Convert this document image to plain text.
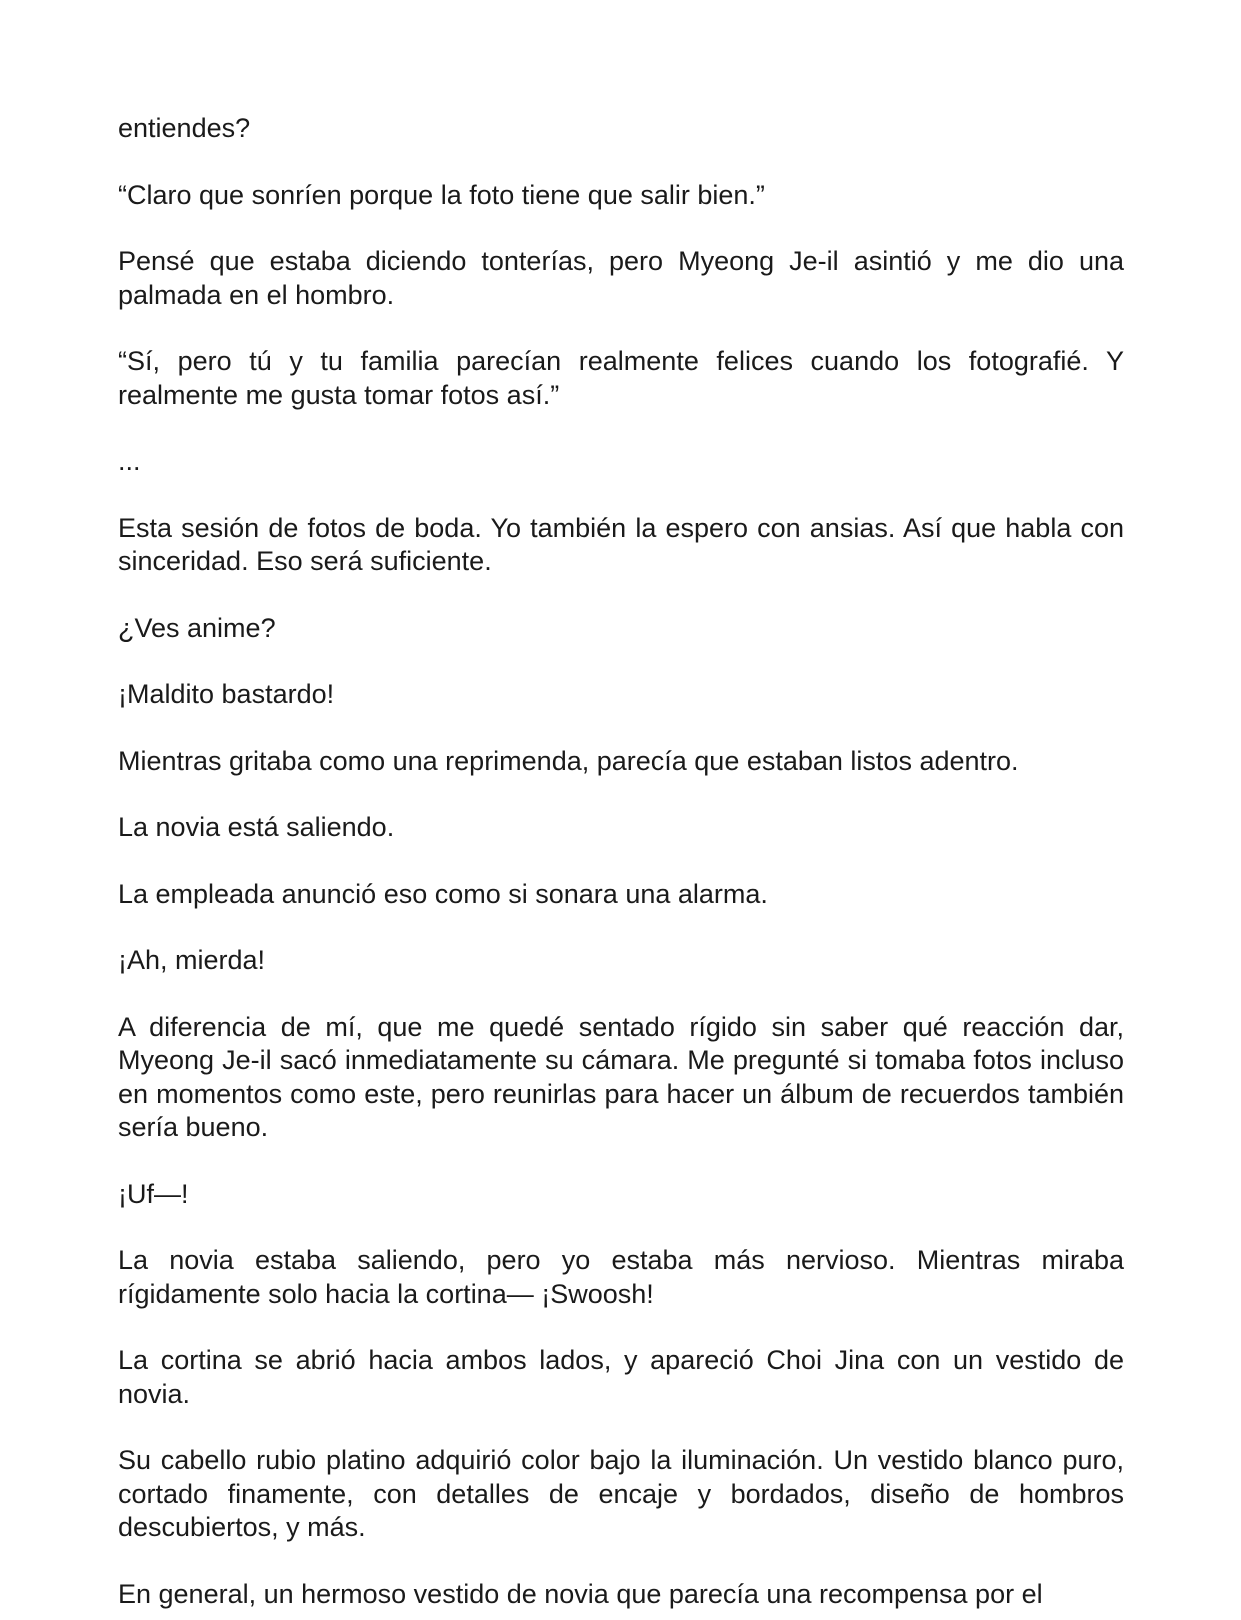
entiendes?

“Claro que sonríen porque la foto tiene que salir bien.”

Pensé que estaba diciendo tonterías, pero Myeong Je-il asintió y me dio una palmada en el hombro.

“Sí, pero tú y tu familia parecían realmente felices cuando los fotografié. Y realmente me gusta tomar fotos así.”

...

Esta sesión de fotos de boda. Yo también la espero con ansias. Así que habla con sinceridad. Eso será suficiente.

¿Ves anime?

¡Maldito bastardo!

Mientras gritaba como una reprimenda, parecía que estaban listos adentro.

La novia está saliendo.

La empleada anunció eso como si sonara una alarma.

¡Ah, mierda!

A diferencia de mí, que me quedé sentado rígido sin saber qué reacción dar, Myeong Je-il sacó inmediatamente su cámara. Me pregunté si tomaba fotos incluso en momentos como este, pero reunirlas para hacer un álbum de recuerdos también sería bueno.

¡Uf—!

La novia estaba saliendo, pero yo estaba más nervioso. Mientras miraba rígidamente solo hacia la cortina— ¡Swoosh!

La cortina se abrió hacia ambos lados, y apareció Choi Jina con un vestido de novia.

Su cabello rubio platino adquirió color bajo la iluminación. Un vestido blanco puro, cortado finamente, con detalles de encaje y bordados, diseño de hombros descubiertos, y más.

En general, un hermoso vestido de novia que parecía una recompensa por el
